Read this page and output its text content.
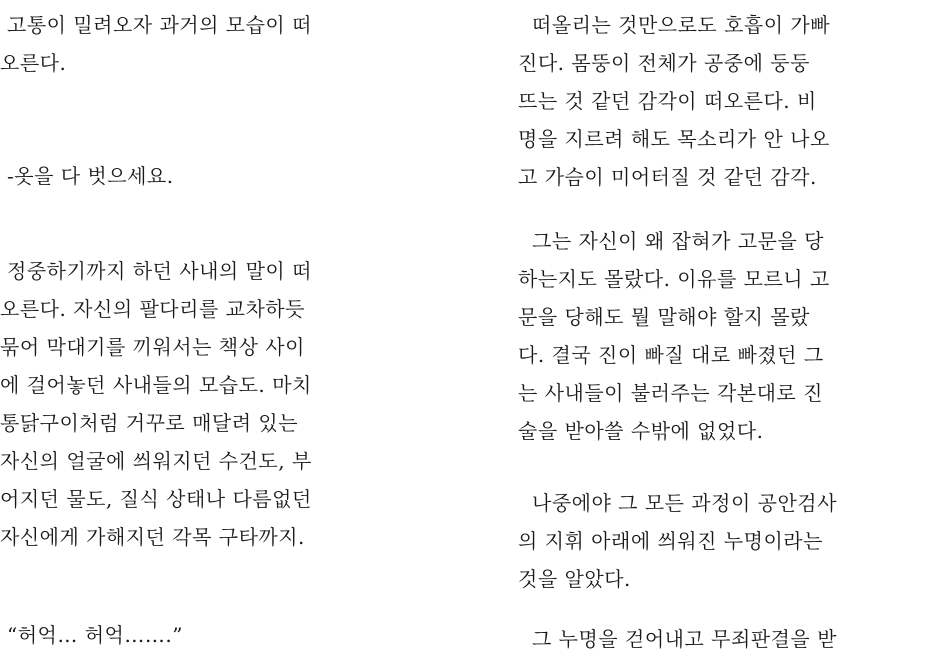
고통이 밀려오자 과거의 모습이 떠
오른다.

-옷을 다 벗으세요.

정중하기까지 하던 사내의 말이 떠
오른다. 자신의 팔다리를 교차하듯
묶어 막대기를 끼워서는 책상 사이
에 걸어놓던 사내들의 모습도. 마치
통닭구이처럼 거꾸로 매달려 있는
자신의 얼굴에 씌워지던 수건도, 부
어지던 물도, 질식 상태나 다름없던
자신에게 가해지던 각목 구타까지.

“허억… 허억…….”

떠올리는 것만으로도 호흡이 가빠
진다. 몸뚱이 전체가 공중에 둥둥
뜨는 것 같던 감각이 떠오른다. 비
명을 지르려 해도 목소리가 안 나오
고 가슴이 미어터질 것 같던 감각.

그는 자신이 왜 잡혀가 고문을 당
하는지도 몰랐다. 이유를 모르니 고
문을 당해도 뭘 말해야 할지 몰랐
다. 결국 진이 빠질 대로 빠졌던 그
는 사내들이 불러주는 각본대로 진
술을 받아쓸 수밖에 없었다.

나중에야 그 모든 과정이 공안검사
의 지휘 아래에 씌워진 누명이라는
것을 알았다.

그 누명을 걷어내고 무죄판결을 받
